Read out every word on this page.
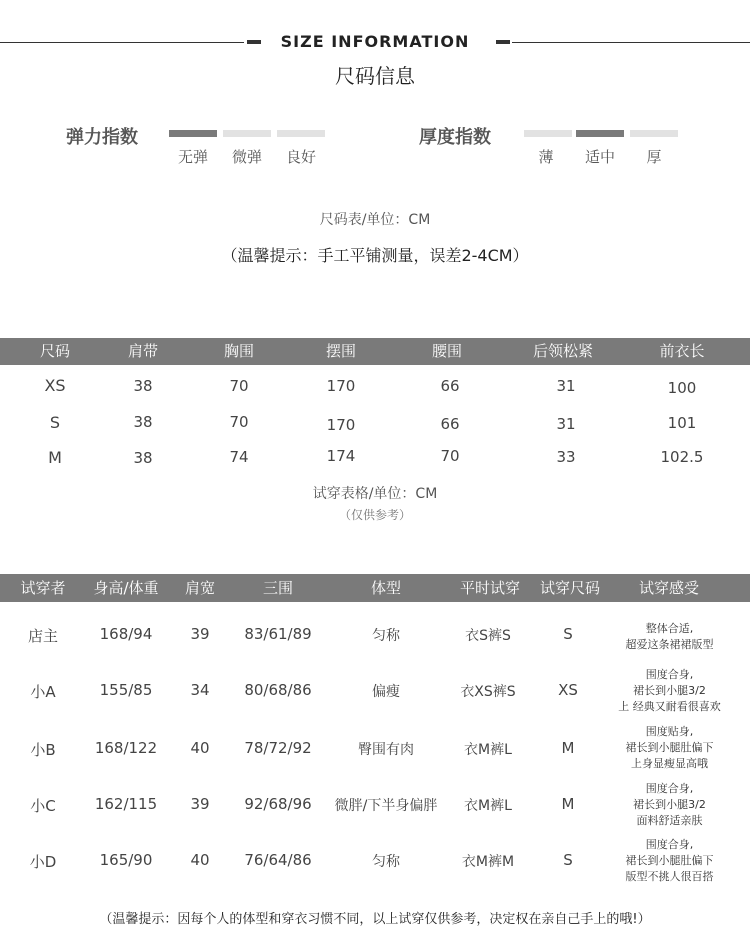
SIZE INFORMATION
尺码信息
弹力指数
无弹	微弹	良好
厚度指数
薄	适中	厚
尺码表/单位：CM
（温馨提示：手工平铺测量，误差2-4CM）
尺码	肩带	胸围	摆围	腰围	后领松紧	前衣长
XS	38	70	170	66	31	100
S	38	70	170	66	31	101
M	38	74	174	70	33	102.5
试穿表格/单位：CM
（仅供参考）
试穿者	身高/体重	肩宽	三围	体型	平时试穿	试穿尺码	试穿感受
店主	168/94	39	83/61/89	匀称	衣S裤S	S	整体合适,
超爱这条裙裙版型
小A	155/85	34	80/68/86	偏瘦	衣XS裤S	XS
围度合身,
裙长到小腿3/2
上 经典又耐看很喜欢
小B	168/122	40	78/72/92	臀围有肉	衣M裤L	M
围度贴身,
裙长到小腿肚偏下
上身显瘦显高哦
小C	162/115	39	92/68/96	微胖/下半身偏胖	衣M裤L	M
围度合身,
裙长到小腿3/2
面料舒适亲肤
小D	165/90	40	76/64/86	匀称	衣M裤M	S
围度合身,
裙长到小腿肚偏下
版型不挑人很百搭
（温馨提示：因每个人的体型和穿衣习惯不同，以上试穿仅供参考，决定权在亲自己手上的哦!）
